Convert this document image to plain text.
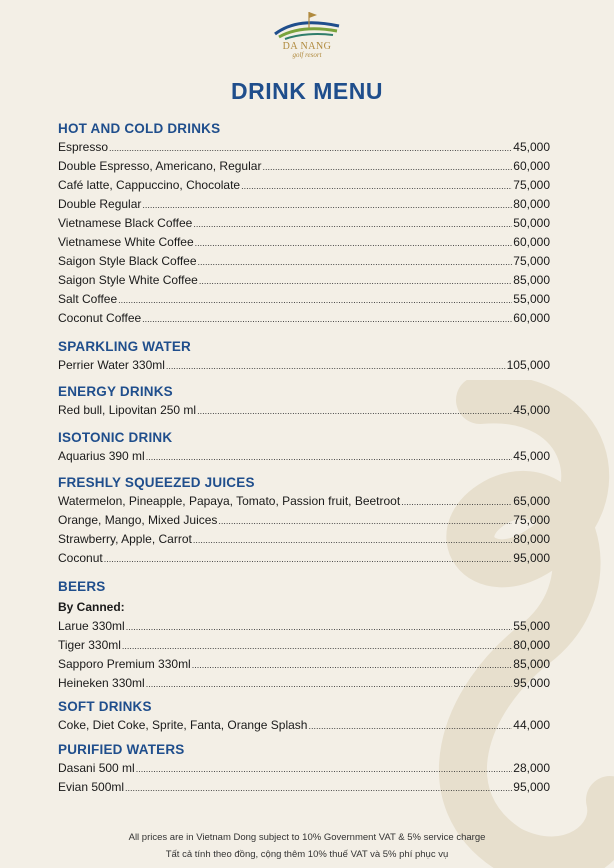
DA NANG
golf resort
DRINK MENU
HOT AND COLD DRINKS
Espresso .....	45,000
Double Espresso, Americano, Regular .....	60,000
Café latte, Cappuccino, Chocolate .....	75,000
Double Regular .....	80,000
Vietnamese Black Coffee .....	50,000
Vietnamese White Coffee .....	60,000
Saigon Style Black Coffee .....	75,000
Saigon Style White Coffee .....	85,000
Salt Coffee .....	55,000
Coconut Coffee .....	60,000
SPARKLING WATER
Perrier Water 330ml .....	105,000
ENERGY DRINKS
Red bull, Lipovitan 250 ml .....	45,000
ISOTONIC DRINK
Aquarius 390 ml .....	45,000
FRESHLY SQUEEZED JUICES
Watermelon, Pineapple, Papaya, Tomato, Passion fruit, Beetroot .....	65,000
Orange, Mango, Mixed Juices .....	75,000
Strawberry, Apple, Carrot .....	80,000
Coconut .....	95,000
BEERS
By Canned:
Larue 330ml .....	55,000
Tiger 330ml .....	80,000
Sapporo Premium 330ml .....	85,000
Heineken 330ml .....	95,000
SOFT DRINKS
Coke, Diet Coke, Sprite, Fanta, Orange Splash .....	44,000
PURIFIED WATERS
Dasani 500 ml .....	28,000
Evian 500ml .....	95,000
All prices are in Vietnam Dong subject to 10% Government VAT & 5% service charge
Tất cả tính theo đồng, cộng thêm 10% thuế VAT và 5% phí phục vụ
